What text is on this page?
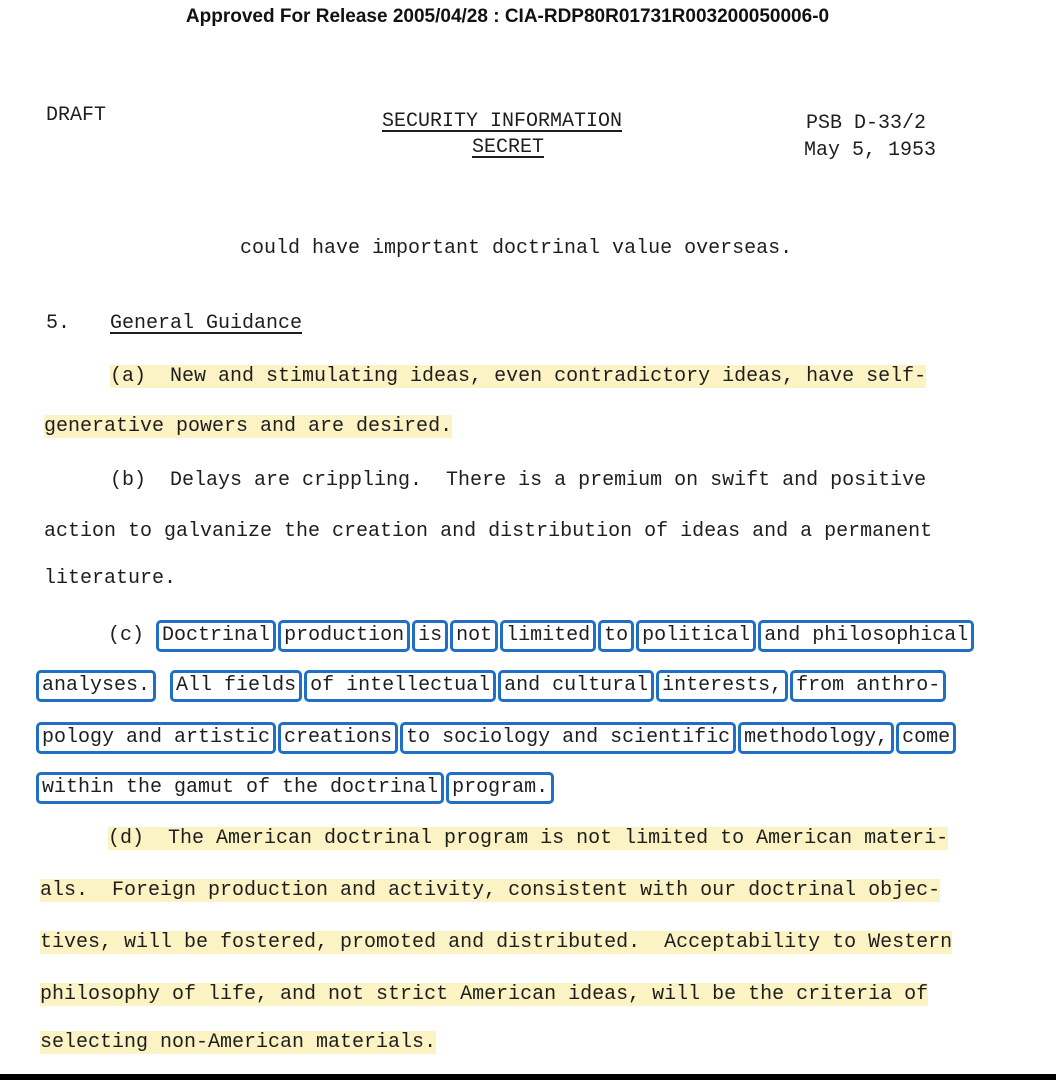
Approved For Release 2005/04/28 : CIA-RDP80R01731R003200050006-0
DRAFT	SECURITY INFORMATION
SECRET
PSB D-33/2
May 5, 1953
could have important doctrinal value overseas.
5. General Guidance
(a)  New and stimulating ideas, even contradictory ideas, have self-
generative powers and are desired.
(b)  Delays are crippling.  There is a premium on swift and positive
action to galvanize the creation and distribution of ideas and a permanent
literature.
(c) Doctrinal production is not limited to political and philosophical
analyses. All fields of intellectual and cultural interests, from anthro-
pology and artistic creations to sociology and scientific methodology, come
within the gamut of the doctrinal program.
(d)  The American doctrinal program is not limited to American materi-
als.  Foreign production and activity, consistent with our doctrinal objec-
tives, will be fostered, promoted and distributed.  Acceptability to Western
philosophy of life, and not strict American ideas, will be the criteria of
selecting non-American materials.
